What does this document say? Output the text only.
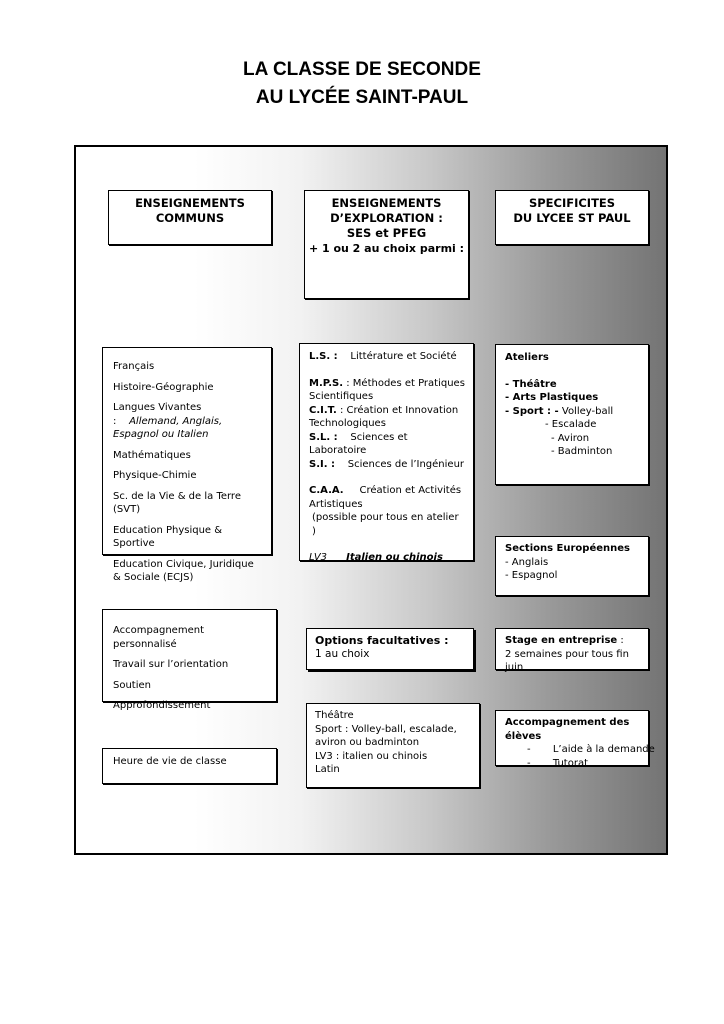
LA CLASSE DE SECONDE
AU LYCÉE SAINT-PAUL
ENSEIGNEMENTS
COMMUNS
ENSEIGNEMENTS
D’EXPLORATION :
SES et PFEG
+ 1 ou 2 au choix parmi :
SPECIFICITES
DU LYCEE ST PAUL

Français

Histoire-Géographie

Langues Vivantes : Allemand, Anglais, Espagnol ou Italien

Mathématiques

Physique-Chimie

Sc. de la Vie & de la Terre (SVT)

Education Physique & Sportive

Education Civique, Juridique & Sociale (ECJS)

Accompagnement personnalisé

Travail sur l’orientation

Soutien

Approfondissement

Heure de vie de classe
L.S. : Littérature et Société
M.P.S. : Méthodes et Pratiques Scientifiques
C.I.T. : Création et Innovation Technologiques
S.L. : Sciences et Laboratoire
S.I. : Sciences de l’Ingénieur
C.A.A. Création et Activités Artistiques
(possible pour tous en atelier )
LV3 Italien ou chinois
Options facultatives :
1 au choix
Théâtre
Sport : Volley-ball, escalade, aviron ou badminton
LV3 : italien ou chinois
Latin
Ateliers
- Théâtre
- Arts Plastiques
- Sport : - Volley-ball
- Escalade
- Aviron
- Badminton
Sections Européennes
- Anglais
- Espagnol
Stage en entreprise :
2 semaines pour tous fin juin
Accompagnement des élèves
-       L’aide à la demande
-       Tutorat
